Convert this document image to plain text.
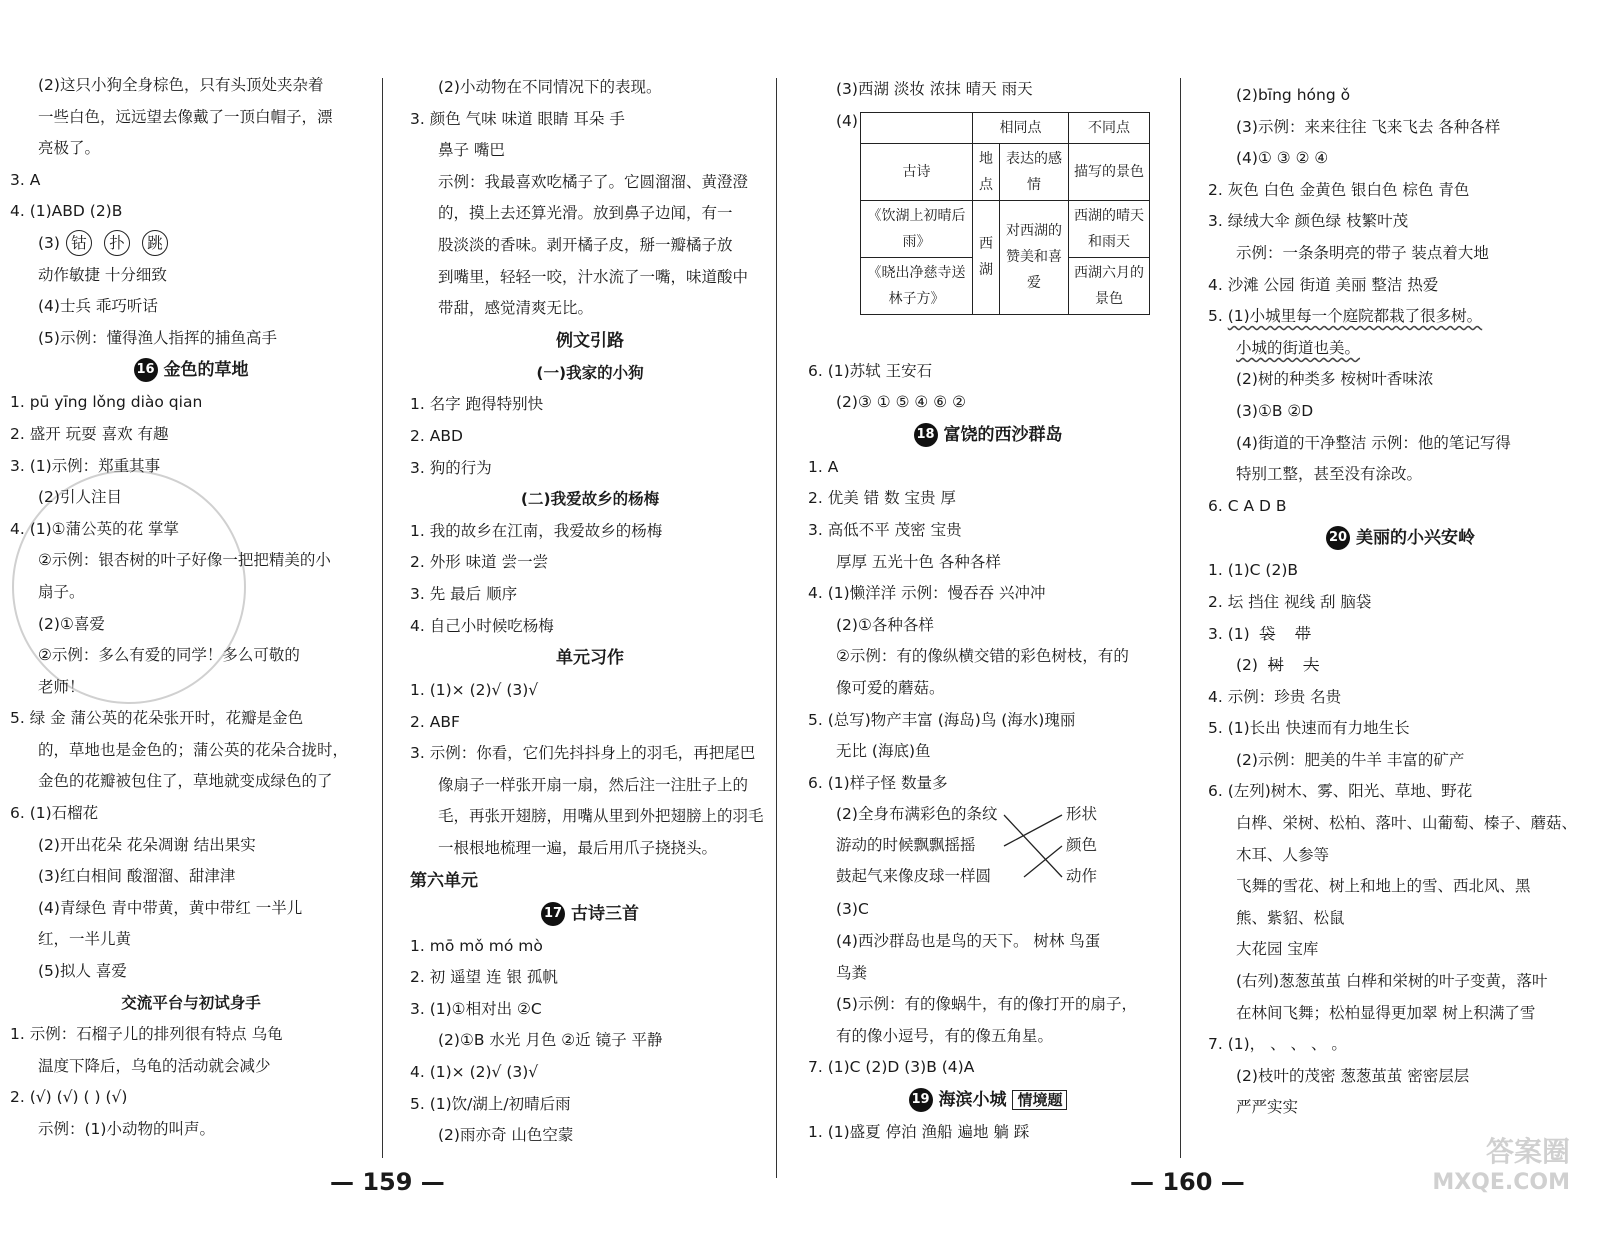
(2)这只小狗全身棕色，只有头顶处夹杂着
一些白色，远远望去像戴了一顶白帽子，漂
亮极了。
3. A
4. (1)ABD (2)B
(3) 钴 扑 跳
动作敏捷 十分细致
(4)士兵 乖巧听话
(5)示例：懂得渔人指挥的捕鱼高手
16 金色的草地
1. pū yīng lǒng diào qian
2. 盛开 玩耍 喜欢 有趣
3. (1)示例：郑重其事
(2)引人注目
4. (1)①蒲公英的花 掌掌
②示例：银杏树的叶子好像一把把精美的小
扇子。
(2)①喜爱
②示例：多么有爱的同学！多么可敬的
老师！
5. 绿 金 蒲公英的花朵张开时，花瓣是金色
的，草地也是金色的；蒲公英的花朵合拢时，
金色的花瓣被包住了，草地就变成绿色的了
6. (1)石榴花
(2)开出花朵 花朵凋谢 结出果实
(3)红白相间 酸溜溜、甜津津
(4)青绿色 青中带黄，黄中带红 一半儿
红，一半儿黄
(5)拟人 喜爱
交流平台与初试身手
1. 示例：石榴子儿的排列很有特点 乌龟
温度下降后，乌龟的活动就会减少
2. (√) (√) ( ) (√)
示例：(1)小动物的叫声。
(2)小动物在不同情况下的表现。
3. 颜色 气味 味道 眼睛 耳朵 手
鼻子 嘴巴
示例：我最喜欢吃橘子了。它圆溜溜、黄澄澄
的，摸上去还算光滑。放到鼻子边闻，有一
股淡淡的香味。剥开橘子皮，掰一瓣橘子放
到嘴里，轻轻一咬，汁水流了一嘴，味道酸中
带甜，感觉清爽无比。
例文引路
(一)我家的小狗
1. 名字 跑得特别快
2. ABD
3. 狗的行为
(二)我爱故乡的杨梅
1. 我的故乡在江南，我爱故乡的杨梅
2. 外形 味道 尝一尝
3. 先 最后 顺序
4. 自己小时候吃杨梅
单元习作
1. (1)× (2)√ (3)√
2. ABF
3. 示例：你看，它们先抖抖身上的羽毛，再把尾巴
像扇子一样张开扇一扇，然后注一注肚子上的
毛，再张开翅膀，用嘴从里到外把翅膀上的羽毛
一根根地梳理一遍，最后用爪子挠挠头。
第六单元
17 古诗三首
1. mō mǒ mó mò
2. 初 遥望 连 银 孤帆
3. (1)①相对出 ②C
(2)①B 水光 月色 ②近 镜子 平静
4. (1)× (2)√ (3)√
5. (1)饮/湖上/初晴后雨
(2)雨亦奇 山色空蒙
(3)西湖 淡妆 浓抹 晴天 雨天
(4)
		相同点		不同点
古诗	地点	表达的感情	描写的景色
《饮湖上初晴后雨》	西湖	对西湖的赞美和喜爱	西湖的晴天和雨天
《晓出净慈寺送林子方》			西湖六月的景色
6. (1)苏轼 王安石
(2)③ ① ⑤ ④ ⑥ ②
18 富饶的西沙群岛
1. A
2. 优美 错 数 宝贵 厚
3. 高低不平 茂密 宝贵
厚厚 五光十色 各种各样
4. (1)懒洋洋 示例：慢吞吞 兴冲冲
(2)①各种各样
②示例：有的像纵横交错的彩色树枝，有的
像可爱的蘑菇。
5. (总写)物产丰富 (海岛)鸟 (海水)瑰丽
无比 (海底)鱼
6. (1)样子怪 数量多
(2)全身布满彩色的条纹
游动的时候飘飘摇摇
鼓起气来像皮球一样圆
形状
颜色
动作
(3)C
(4)西沙群岛也是鸟的天下。 树林 鸟蛋
鸟粪
(5)示例：有的像蜗牛，有的像打开的扇子，
有的像小逗号，有的像五角星。
7. (1)C (2)D (3)B (4)A
19 海滨小城 情境题
1. (1)盛夏 停泊 渔船 遍地 躺 踩
(2)bīng hóng ǒ
(3)示例：来来往往 飞来飞去 各种各样
(4)① ③ ② ④
2. 灰色 白色 金黄色 银白色 棕色 青色
3. 绿绒大伞 颜色绿 枝繁叶茂
示例：一条条明亮的带子 装点着大地
4. 沙滩 公园 街道 美丽 整洁 热爱
5. (1)小城里每一个庭院都栽了很多树。
小城的街道也美。
(2)树的种类多 桉树叶香味浓
(3)①B ②D
(4)街道的干净整洁 示例：他的笔记写得
特别工整，甚至没有涂改。
6. C A D B
20 美丽的小兴安岭
1. (1)C (2)B
2. 坛 挡住 视线 刮 脑袋
3. (1) 袋 带
(2) 树 大
4. 示例：珍贵 名贵
5. (1)长出 快速而有力地生长
(2)示例：肥美的牛羊 丰富的矿产
6. (左列)树木、雾、阳光、草地、野花
白桦、栄树、松柏、落叶、山葡萄、榛子、蘑菇、
木耳、人参等
飞舞的雪花、树上和地上的雪、西北风、黑
熊、紫貂、松鼠
大花园 宝库
(右列)葱葱茧茧 白桦和栄树的叶子变黄，落叶
在林间飞舞；松柏显得更加翠 树上积满了雪
7. (1)， 、 、 、 。
(2)枝叶的茂密 葱葱茧茧 密密层层
严严实实
— 159 —	— 160 —
答案圈
MXQE.COM
